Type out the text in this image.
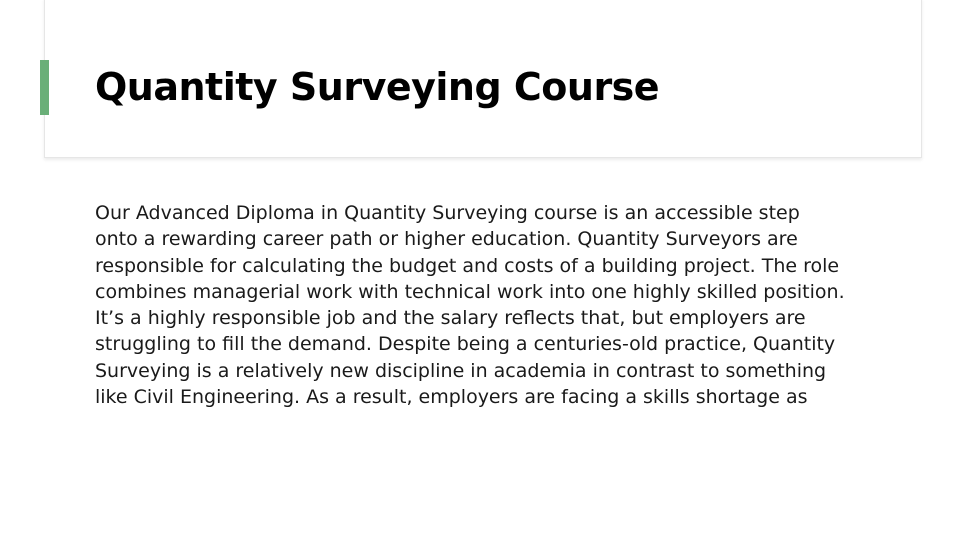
Quantity Surveying Course

Our Advanced Diploma in Quantity Surveying course is an accessible step
onto a rewarding career path or higher education. Quantity Surveyors are
responsible for calculating the budget and costs of a building project. The role
combines managerial work with technical work into one highly skilled position.
It’s a highly responsible job and the salary reflects that, but employers are
struggling to fill the demand. Despite being a centuries-old practice, Quantity
Surveying is a relatively new discipline in academia in contrast to something
like Civil Engineering. As a result, employers are facing a skills shortage as
